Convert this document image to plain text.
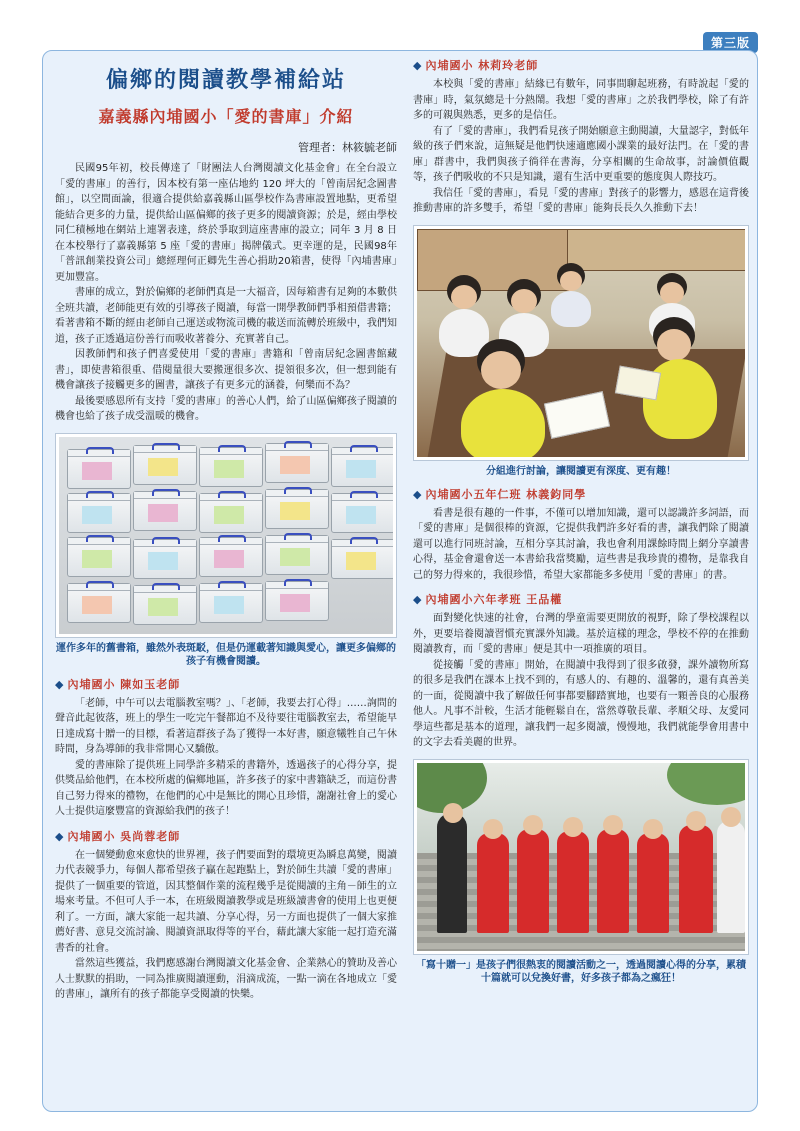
第三版
偏鄉的閱讀教學補給站
嘉義縣內埔國小「愛的書庫」介紹
管理者：林筱毓老師

民國95年初，校長傳達了「財團法人台灣閱讀文化基金會」在全台設立「愛的書庫」的善行，因本校有第一座佔地約 120 坪大的「曾南居紀念圖書館」，以空間面論，很適合提供給嘉義縣山區學校作為書庫設置地點，更希望能結合更多的力量，提供給山區偏鄉的孩子更多的閱讀資源；於是，經由學校同仁積極地在網站上連署表達，終於爭取到這座書庫的設立；同年 3 月 8 日在本校舉行了嘉義縣第 5 座「愛的書庫」揭牌儀式。更幸運的是，民國98年「普訊創業投資公司」總經理何正卿先生善心捐助20箱書，使得「內埔書庫」更加豐富。

書庫的成立，對於偏鄉的老師們真是一大福音，因每箱書有足夠的本數供全班共讀，老師能更有效的引導孩子閱讀，每當一開學教師們爭相預借書籍；看著書箱不斷的經由老師自己運送或物流司機的載送而流轉於班級中，我們知道，孩子正透過這份善行而吸收著養分、充實著自己。

因教師們和孩子們喜愛使用「愛的書庫」書籍和「曾南居紀念圖書館藏書」，即使書箱很重、借閱量很大要搬運很多次、提領很多次，但一想到能有機會讓孩子接觸更多的圖書，讓孩子有更多元的涵養，何樂而不為？

最後要感恩所有支持「愛的書庫」的善心人們，給了山區偏鄉孩子閱讀的機會也給了孩子成受溫暖的機會。

運作多年的舊書箱，雖然外表斑駁，但是仍運載著知識與愛心，讓更多偏鄉的孩子有機會閱讀。
◆ 內埔國小 陳如玉老師

「老師，中午可以去電腦教室嗎？」、「老師，我要去打心得」……詢問的聲音此起彼落，班上的學生一吃完午餐都迫不及待要往電腦教室去，希望能早日達成寫十贈一的目標，看著這群孩子為了獲得一本好書，願意犧牲自己午休時間，身為導師的我非常開心又驕傲。

愛的書庫除了提供班上同學許多精采的書籍外，透過孩子的心得分享，提供獎品給他們，在本校所處的偏鄉地區，許多孩子的家中書籍缺乏，而這份書自己努力得來的禮物，在他們的心中是無比的開心且珍惜，謝謝社會上的愛心人士提供這麼豐富的資源給我們的孩子！

◆ 內埔國小 吳尚蓉老師

在一個變動愈來愈快的世界裡，孩子們要面對的環境更為瞬息萬變，閱讀力代表競爭力，每個人都希望孩子贏在起跑點上，對於師生共讀「愛的書庫」提供了一個重要的管道，因其整個作業的流程幾乎是從閱讀的主角－師生的立場來考量。不但可人手一本，在班級閱讀教學或是班級讀書會的使用上也更便利了。一方面，讓大家能一起共讀、分享心得，另一方面也提供了一個大家推薦好書、意見交流討論、閱讀資訊取得等的平台，藉此讓大家能一起打造充滿書香的社會。

當然這些獲益，我們應感謝台灣閱讀文化基金會、企業熱心的贊助及善心人士默默的捐助，一同為推廣閱讀運動，涓滴成流，一點一滴在各地成立「愛的書庫」，讓所有的孩子都能享受閱讀的快樂。

◆ 內埔國小 林莉玲老師

本校與「愛的書庫」結緣已有數年，同事間聊起班務，有時說起「愛的書庫」時，氣氛總是十分熱鬧。我想「愛的書庫」之於我們學校，除了有許多的可親與熟悉，更多的是信任。

有了「愛的書庫」，我們看見孩子開始願意主動閱讀，大量認字，對低年級的孩子們來說，這無疑是他們快速適應國小課業的最好法門。在「愛的書庫」群書中，我們與孩子徜徉在書海，分享相關的生命故事，討論價值觀等，孩子們吸收的不只是知識，還有生活中更重要的態度與人際技巧。

我信任「愛的書庫」，看見「愛的書庫」對孩子的影響力，感恩在這背後推動書庫的許多雙手，希望「愛的書庫」能夠長長久久推動下去！

分組進行討論，讓閱讀更有深度、更有趣！
◆ 內埔國小五年仁班 林義鈞同學

看書是很有趣的一件事，不僅可以增加知識，還可以認識許多詞語，而「愛的書庫」是個很棒的資源，它提供我們許多好看的書，讓我們除了閱讀還可以進行同班討論，互相分享其討論，我也會利用課餘時間上網分享讀書心得，基金會還會送一本書給我當獎勵，這些書是我珍貴的禮物，是靠我自己的努力得來的，我很珍惜，希望大家都能多多使用「愛的書庫」的書。

◆ 內埔國小六年孝班 王品權

面對變化快速的社會，台灣的學童需要更開放的視野，除了學校課程以外，更要培養閱讀習慣充實課外知識。基於這樣的理念，學校不停的在推動閱讀教育，而「愛的書庫」便是其中一項推廣的項目。

從接觸「愛的書庫」開始，在閱讀中我得到了很多啟發，課外讀物所寫的很多是我們在課本上找不到的，有感人的、有趣的、溫馨的，還有真善美的一面，從閱讀中我了解做任何事都要腳踏實地，也要有一顆善良的心服務他人。凡事不計較，生活才能輕鬆自在，當然尊敬長輩、孝順父母、友愛同學這些都是基本的道理，讓我們一起多閱讀，慢慢地，我們就能學會用書中的文字去看美麗的世界。

「寫十贈一」是孩子們很熱衷的閱讀活動之一，透過閱讀心得的分享，累積十篇就可以兌換好書，好多孩子都為之瘋狂！
